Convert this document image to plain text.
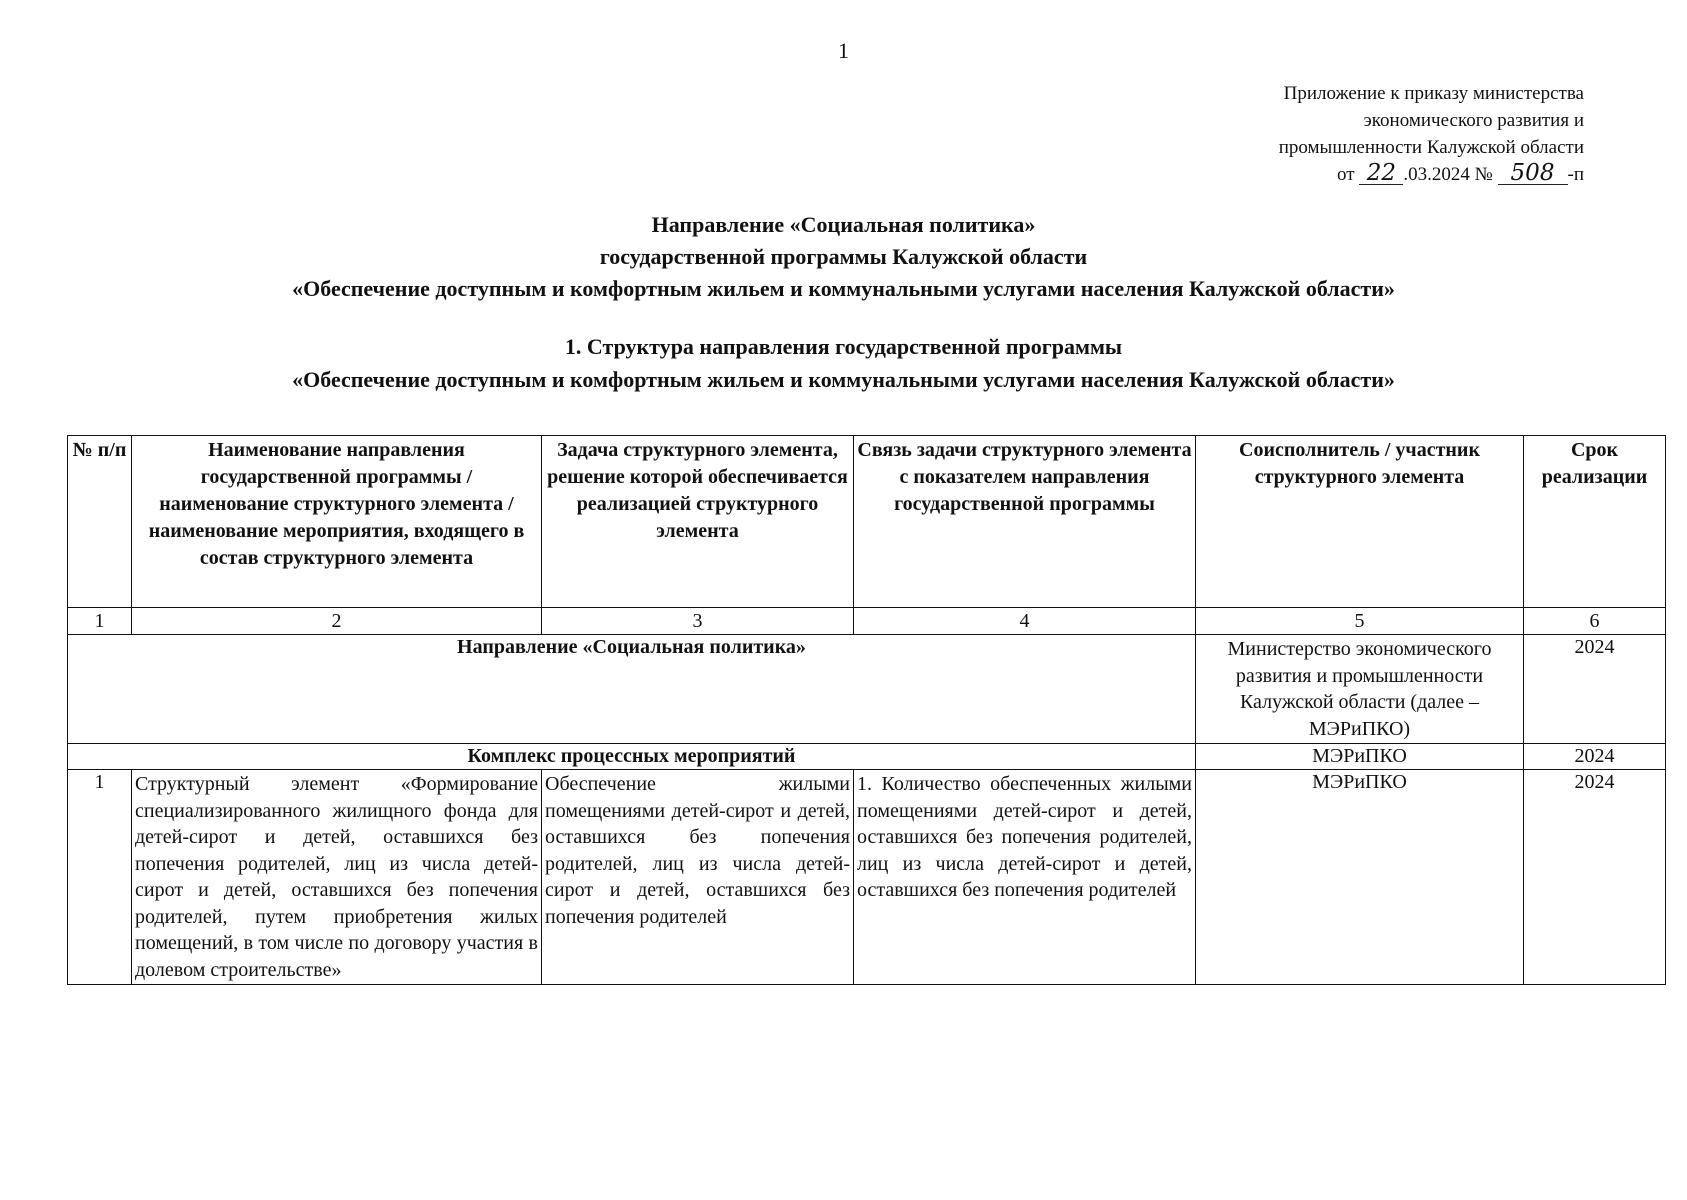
1
Приложение к приказу министерства
экономического развития и
промышленности Калужской области
от 22 .03.2024 № 508 -п
Направление «Социальная политика»
государственной программы Калужской области
«Обеспечение доступным и комфортным жильем и коммунальными услугами населения Калужской области»
1. Структура направления государственной программы
«Обеспечение доступным и комфортным жильем и коммунальными услугами населения Калужской области»
№ п/п	Наименование направления государственной программы / наименование структурного элемента / наименование мероприятия, входящего в состав структурного элемента	Задача структурного элемента, решение которой обеспечивается реализацией структурного элемента	Связь задачи структурного элемента с показателем направления государственной программы	Соисполнитель / участник структурного элемента	Срок реализации
1	2	3	4	5	6
Направление «Социальная политика»				Министерство экономического развития и промышленности Калужской области (далее – МЭРиПКО)	2024
Комплекс процессных мероприятий				МЭРиПКО	2024
1	Структурный элемент «Формирование специализированного жилищного фонда для детей-сирот и детей, оставшихся без попечения родителей, лиц из числа детей-сирот и детей, оставшихся без попечения родителей, путем приобретения жилых помещений, в том числе по договору участия в долевом строительстве»	Обеспечение жилыми помещениями детей-сирот и детей, оставшихся без попечения родителей, лиц из числа детей-сирот и детей, оставшихся без попечения родителей	1. Количество обеспеченных жилыми помещениями детей-сирот и детей, оставшихся без попечения родителей, лиц из числа детей-сирот и детей, оставшихся без попечения родителей	МЭРиПКО	2024
